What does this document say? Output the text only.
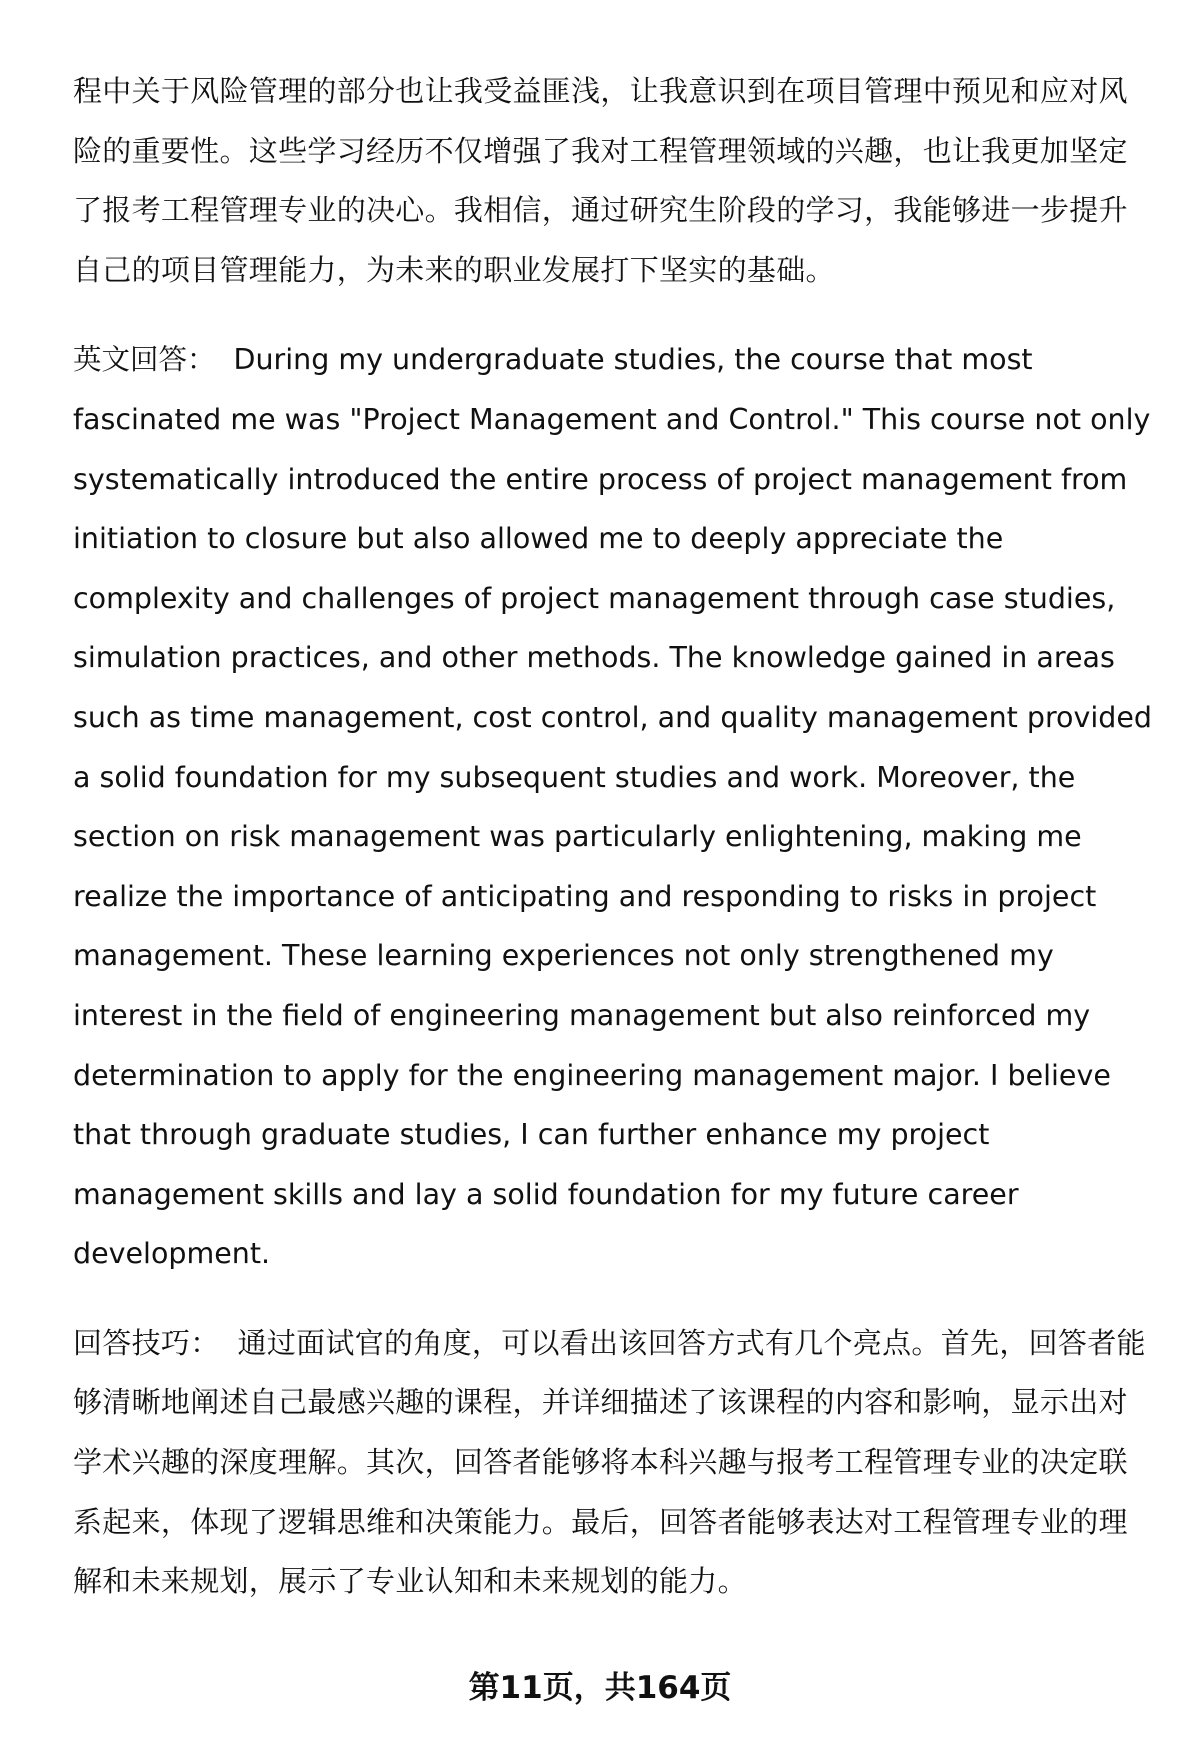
程中关于风险管理的部分也让我受益匪浅，让我意识到在项目管理中预见和应对风
险的重要性。这些学习经历不仅增强了我对工程管理领域的兴趣，也让我更加坚定
了报考工程管理专业的决心。我相信，通过研究生阶段的学习，我能够进一步提升
自己的项目管理能力，为未来的职业发展打下坚实的基础。

英文回答： During my undergraduate studies, the course that most
fascinated me was "Project Management and Control." This course not only
systematically introduced the entire process of project management from
initiation to closure but also allowed me to deeply appreciate the
complexity and challenges of project management through case studies,
simulation practices, and other methods. The knowledge gained in areas
such as time management, cost control, and quality management provided
a solid foundation for my subsequent studies and work. Moreover, the
section on risk management was particularly enlightening, making me
realize the importance of anticipating and responding to risks in project
management. These learning experiences not only strengthened my
interest in the field of engineering management but also reinforced my
determination to apply for the engineering management major. I believe
that through graduate studies, I can further enhance my project
management skills and lay a solid foundation for my future career
development.

回答技巧： 通过面试官的角度，可以看出该回答方式有几个亮点。首先，回答者能
够清晰地阐述自己最感兴趣的课程，并详细描述了该课程的内容和影响，显示出对
学术兴趣的深度理解。其次，回答者能够将本科兴趣与报考工程管理专业的决定联
系起来，体现了逻辑思维和决策能力。最后，回答者能够表达对工程管理专业的理
解和未来规划，展示了专业认知和未来规划的能力。

第11页，共164页
